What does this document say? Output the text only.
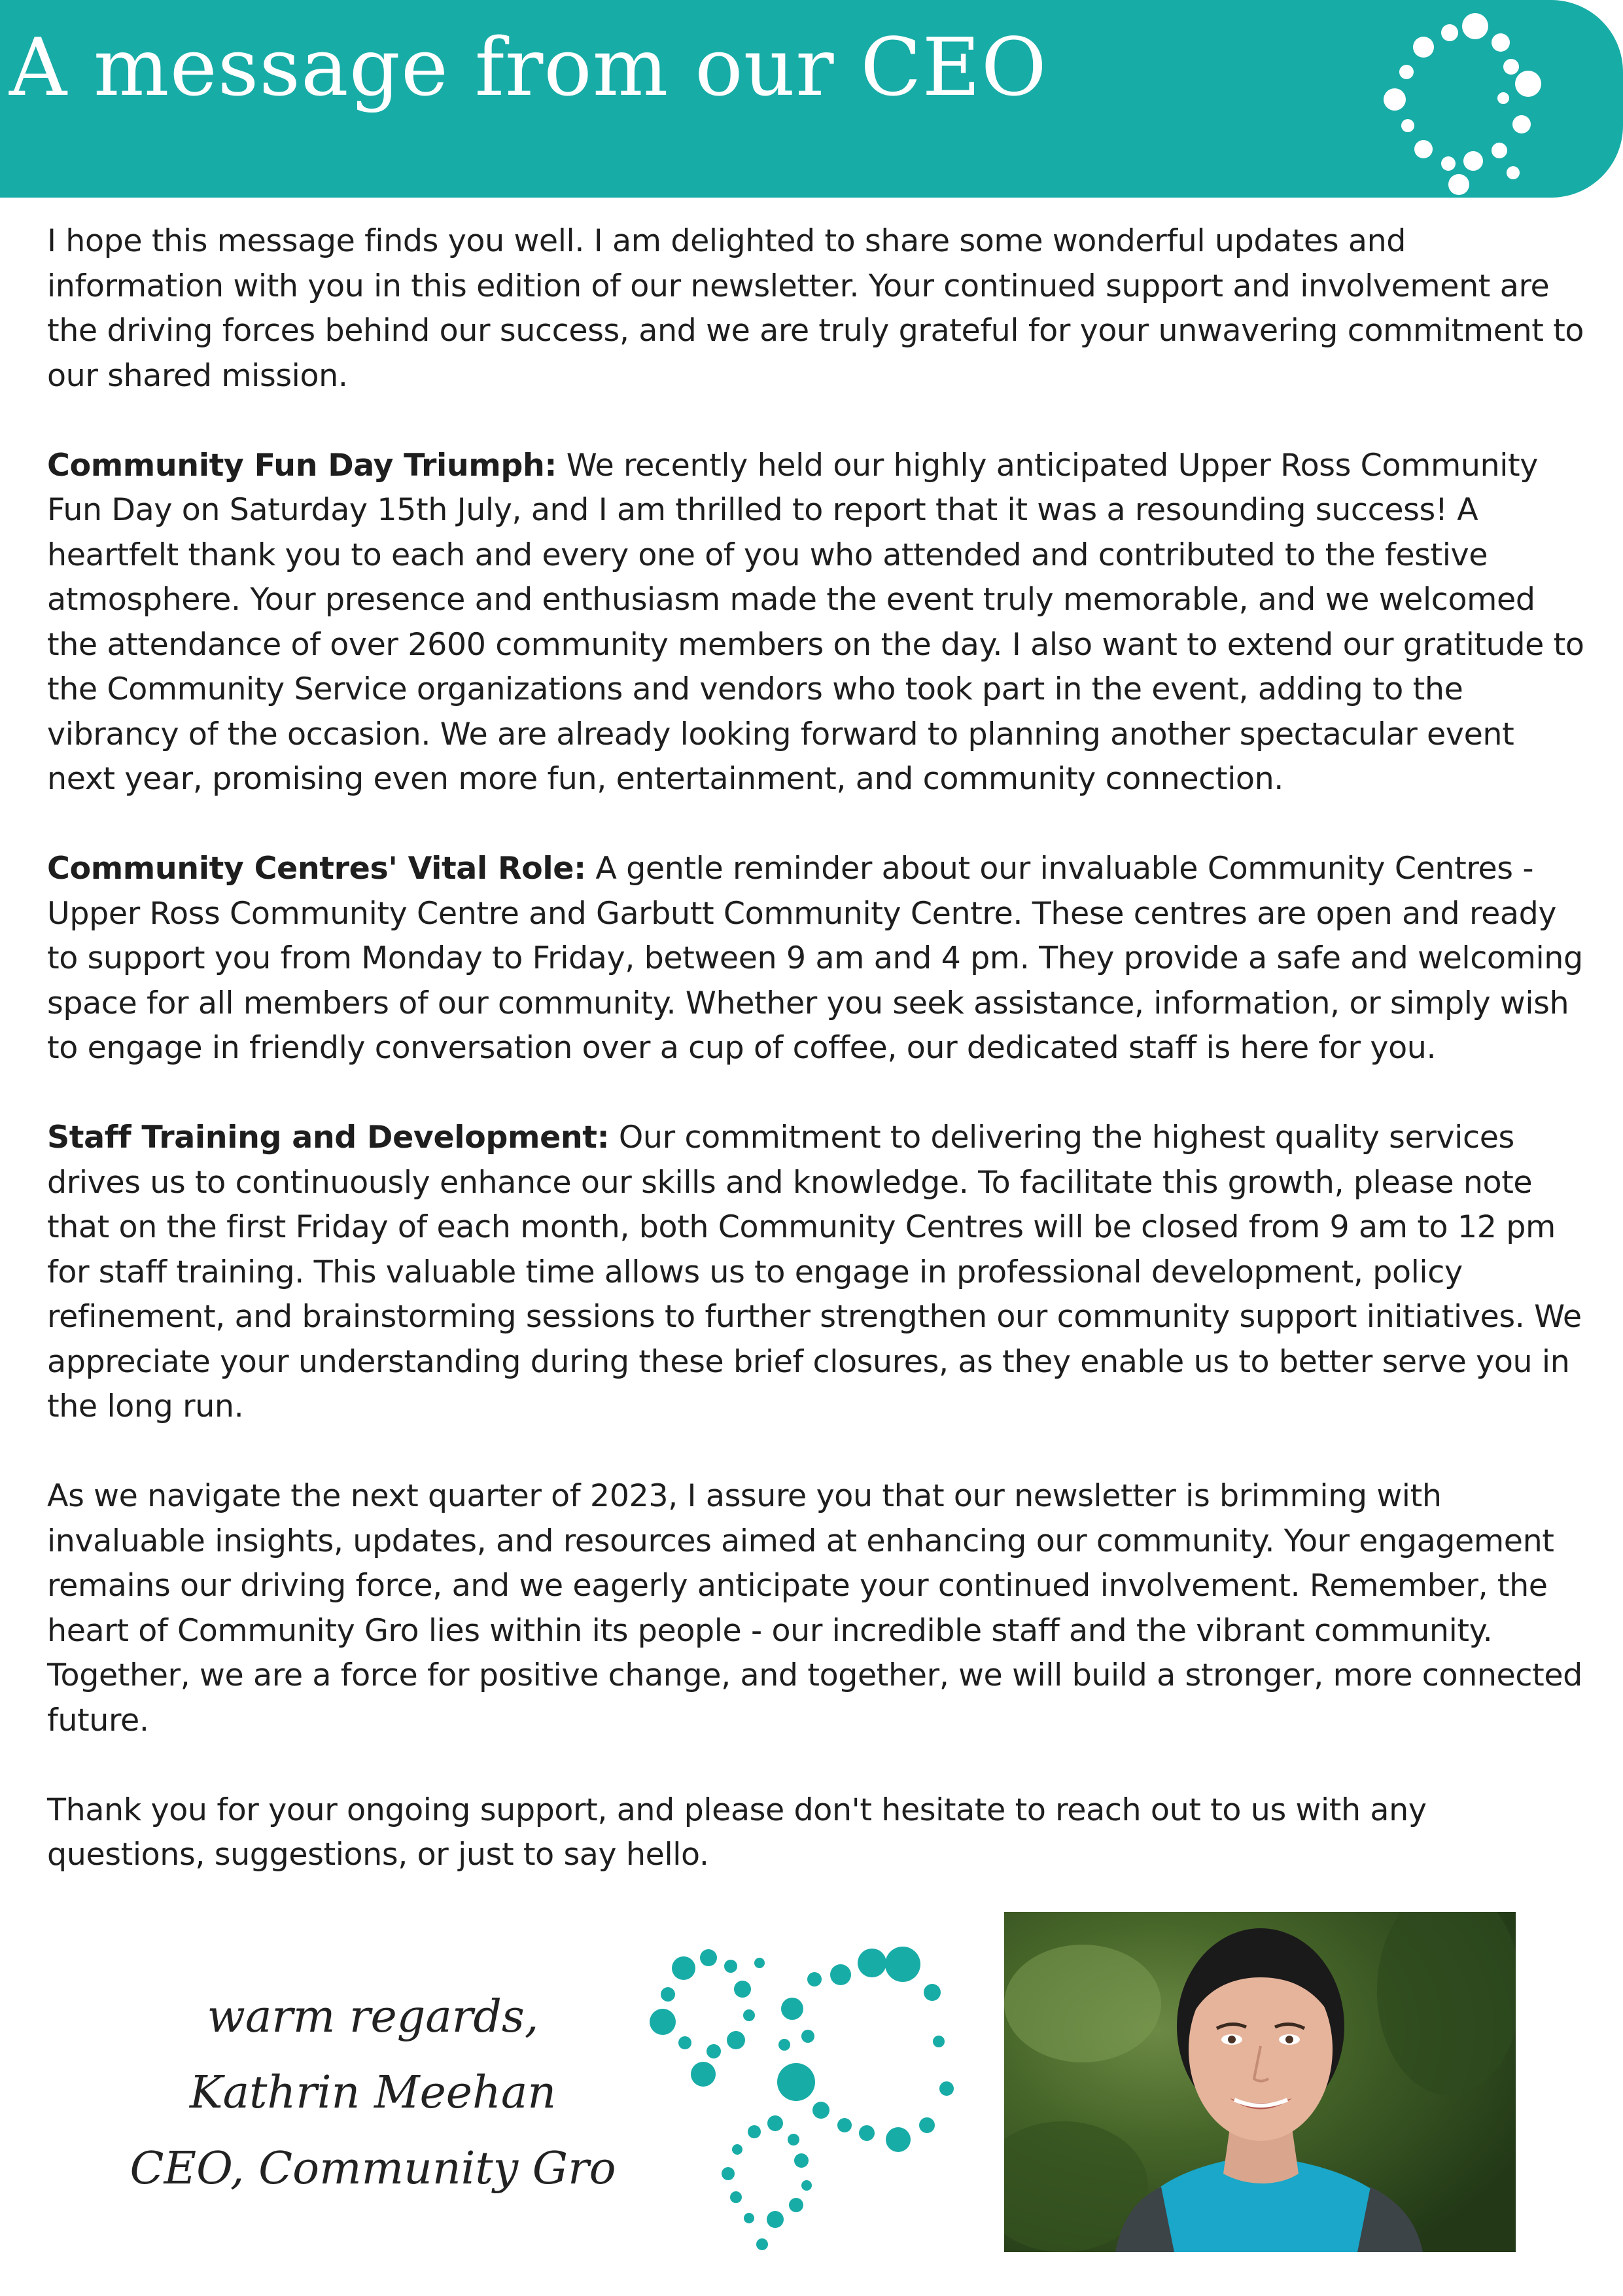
A message from our CEO

I hope this message finds you well. I am delighted to share some wonderful updates and information with you in this edition of our newsletter. Your continued support and involvement are the driving forces behind our success, and we are truly grateful for your unwavering commitment to our shared mission.

Community Fun Day Triumph: We recently held our highly anticipated Upper Ross Community Fun Day on Saturday 15th July, and I am thrilled to report that it was a resounding success! A heartfelt thank you to each and every one of you who attended and contributed to the festive atmosphere. Your presence and enthusiasm made the event truly memorable, and we welcomed the attendance of over 2600 community members on the day. I also want to extend our gratitude to the Community Service organizations and vendors who took part in the event, adding to the vibrancy of the occasion. We are already looking forward to planning another spectacular event next year, promising even more fun, entertainment, and community connection.

Community Centres' Vital Role: A gentle reminder about our invaluable Community Centres - Upper Ross Community Centre and Garbutt Community Centre. These centres are open and ready to support you from Monday to Friday, between 9 am and 4 pm. They provide a safe and welcoming space for all members of our community. Whether you seek assistance, information, or simply wish to engage in friendly conversation over a cup of coffee, our dedicated staff is here for you.

Staff Training and Development: Our commitment to delivering the highest quality services drives us to continuously enhance our skills and knowledge. To facilitate this growth, please note that on the first Friday of each month, both Community Centres will be closed from 9 am to 12 pm for staff training. This valuable time allows us to engage in professional development, policy refinement, and brainstorming sessions to further strengthen our community support initiatives. We appreciate your understanding during these brief closures, as they enable us to better serve you in the long run.

As we navigate the next quarter of 2023, I assure you that our newsletter is brimming with invaluable insights, updates, and resources aimed at enhancing our community. Your engagement remains our driving force, and we eagerly anticipate your continued involvement. Remember, the heart of Community Gro lies within its people - our incredible staff and the vibrant community. Together, we are a force for positive change, and together, we will build a stronger, more connected future.

Thank you for your ongoing support, and please don't hesitate to reach out to us with any questions, suggestions, or just to say hello.

warm regards,
Kathrin Meehan
CEO, Community Gro
